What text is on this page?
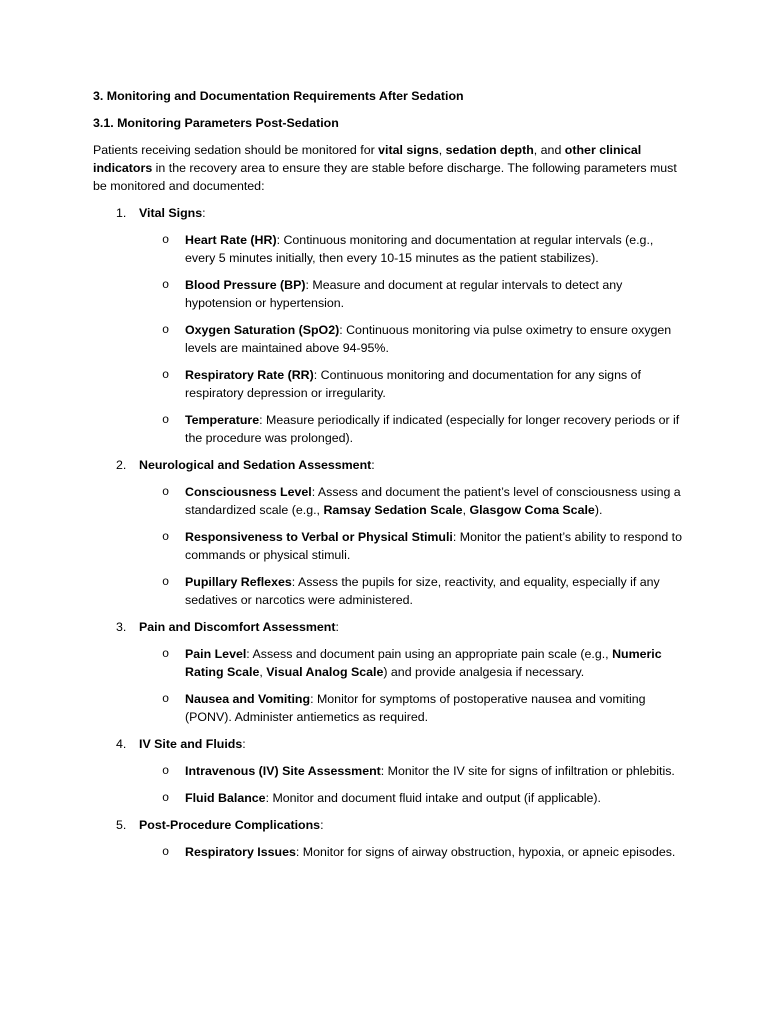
3. Monitoring and Documentation Requirements After Sedation
3.1. Monitoring Parameters Post-Sedation
Patients receiving sedation should be monitored for vital signs, sedation depth, and other clinical indicators in the recovery area to ensure they are stable before discharge. The following parameters must be monitored and documented:
1. Vital Signs:
o Heart Rate (HR): Continuous monitoring and documentation at regular intervals (e.g., every 5 minutes initially, then every 10-15 minutes as the patient stabilizes).
o Blood Pressure (BP): Measure and document at regular intervals to detect any hypotension or hypertension.
o Oxygen Saturation (SpO2): Continuous monitoring via pulse oximetry to ensure oxygen levels are maintained above 94-95%.
o Respiratory Rate (RR): Continuous monitoring and documentation for any signs of respiratory depression or irregularity.
o Temperature: Measure periodically if indicated (especially for longer recovery periods or if the procedure was prolonged).
2. Neurological and Sedation Assessment:
o Consciousness Level: Assess and document the patient’s level of consciousness using a standardized scale (e.g., Ramsay Sedation Scale, Glasgow Coma Scale).
o Responsiveness to Verbal or Physical Stimuli: Monitor the patient’s ability to respond to commands or physical stimuli.
o Pupillary Reflexes: Assess the pupils for size, reactivity, and equality, especially if any sedatives or narcotics were administered.
3. Pain and Discomfort Assessment:
o Pain Level: Assess and document pain using an appropriate pain scale (e.g., Numeric Rating Scale, Visual Analog Scale) and provide analgesia if necessary.
o Nausea and Vomiting: Monitor for symptoms of postoperative nausea and vomiting (PONV). Administer antiemetics as required.
4. IV Site and Fluids:
o Intravenous (IV) Site Assessment: Monitor the IV site for signs of infiltration or phlebitis.
o Fluid Balance: Monitor and document fluid intake and output (if applicable).
5. Post-Procedure Complications:
o Respiratory Issues: Monitor for signs of airway obstruction, hypoxia, or apneic episodes.
